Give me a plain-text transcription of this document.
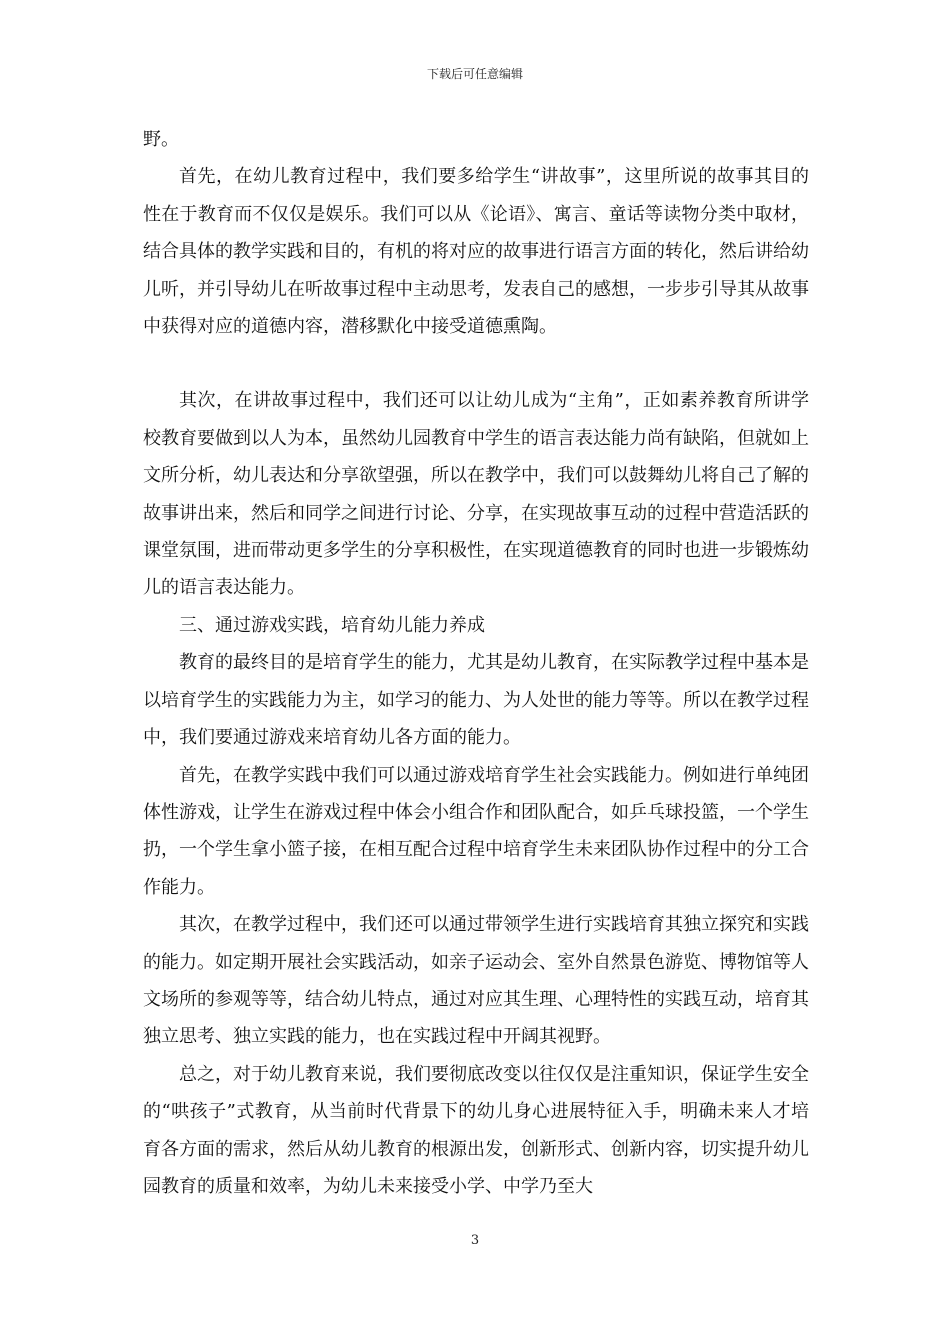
下载后可任意编辑

野。

首先，在幼儿教育过程中，我们要多给学生“讲故事”，这里所说的故事其目的性在于教育而不仅仅是娱乐。我们可以从《论语》、寓言、童话等读物分类中取材，结合具体的教学实践和目的，有机的将对应的故事进行语言方面的转化，然后讲给幼儿听，并引导幼儿在听故事过程中主动思考，发表自己的感想，一步步引导其从故事中获得对应的道德内容，潜移默化中接受道德熏陶。

其次，在讲故事过程中，我们还可以让幼儿成为“主角”，正如素养教育所讲学校教育要做到以人为本，虽然幼儿园教育中学生的语言表达能力尚有缺陷，但就如上文所分析，幼儿表达和分享欲望强，所以在教学中，我们可以鼓舞幼儿将自己了解的故事讲出来，然后和同学之间进行讨论、分享，在实现故事互动的过程中营造活跃的课堂氛围，进而带动更多学生的分享积极性，在实现道德教育的同时也进一步锻炼幼儿的语言表达能力。

三、通过游戏实践，培育幼儿能力养成

教育的最终目的是培育学生的能力，尤其是幼儿教育，在实际教学过程中基本是以培育学生的实践能力为主，如学习的能力、为人处世的能力等等。所以在教学过程中，我们要通过游戏来培育幼儿各方面的能力。

首先，在教学实践中我们可以通过游戏培育学生社会实践能力。例如进行单纯团体性游戏，让学生在游戏过程中体会小组合作和团队配合，如乒乓球投篮，一个学生扔，一个学生拿小篮子接，在相互配合过程中培育学生未来团队协作过程中的分工合作能力。

其次，在教学过程中，我们还可以通过带领学生进行实践培育其独立探究和实践的能力。如定期开展社会实践活动，如亲子运动会、室外自然景色游览、博物馆等人文场所的参观等等，结合幼儿特点，通过对应其生理、心理特性的实践互动，培育其独立思考、独立实践的能力，也在实践过程中开阔其视野。

总之，对于幼儿教育来说，我们要彻底改变以往仅仅是注重知识，保证学生安全的“哄孩子”式教育，从当前时代背景下的幼儿身心进展特征入手，明确未来人才培育各方面的需求，然后从幼儿教育的根源出发，创新形式、创新内容，切实提升幼儿园教育的质量和效率，为幼儿未来接受小学、中学乃至大

3
